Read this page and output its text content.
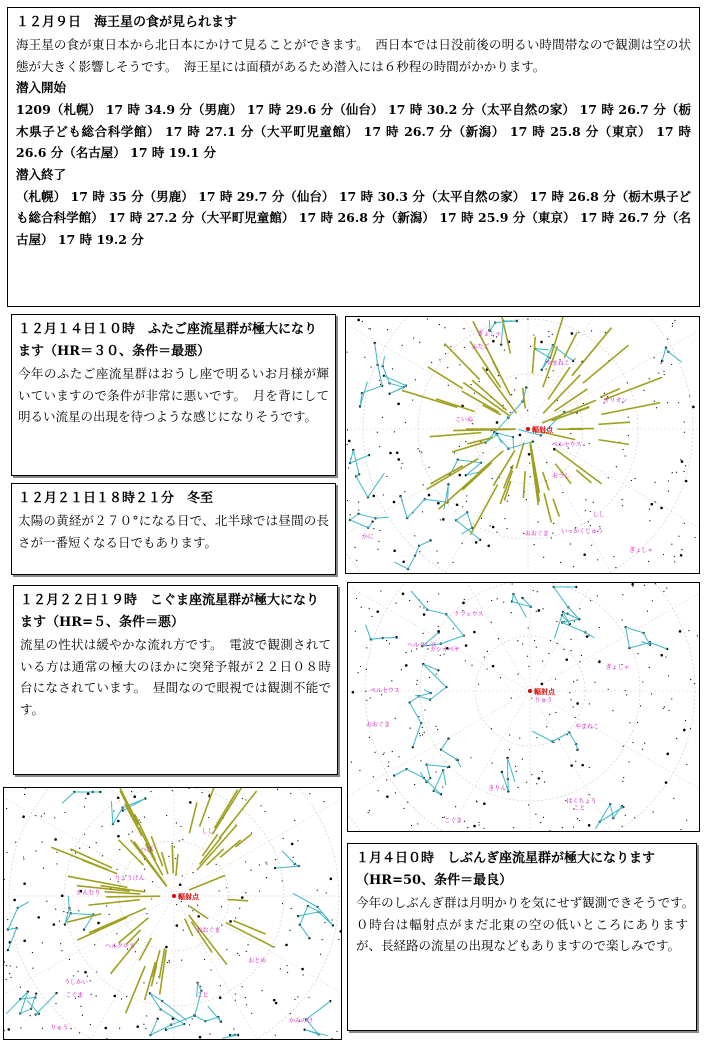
１２月９日　海王星の食が見られます
海王星の食が東日本から北日本にかけて見ることができます。　西日本では日没前後の明るい時間帯なので観測は空の状態が大きく影響しそうです。　海王星には面積があるため潜入には６秒程の時間がかかります。
潜入開始
1209（札幌） 17 時 34.9 分（男鹿） 17 時 29.6 分（仙台） 17 時 30.2 分（太平自然の家） 17 時 26.7 分（栃木県子ども総合科学館） 17 時 27.1 分（大平町児童館） 17 時 26.7 分（新潟） 17 時 25.8 分（東京） 17 時 26.6 分（名古屋） 17 時 19.1 分
潜入終了
（札幌） 17 時 35 分（男鹿） 17 時 29.7 分（仙台） 17 時 30.3 分（太平自然の家） 17 時 26.8 分（栃木県子ども総合科学館） 17 時 27.2 分（大平町児童館） 17 時 26.8 分（新潟） 17 時 25.9 分（東京） 17 時 26.7 分（名古屋） 17 時 19.2 分
１２月１４日１０時　ふたご座流星群が極大になります（HR＝３０、条件＝最悪）
今年のふたご座流星群はおうし座で明るいお月様が輝いていますので条件が非常に悪いです。　月を背にして明るい流星の出現を待つような感じになりそうです。
１２月２１日１８時２１分　冬至
太陽の黄経が２７０°になる日で、北半球では昼間の長さが一番短くなる日でもあります。
１２月２２日１９時　こぐま座流星群が極大になります（HR=５、条件＝悪）
流星の性状は緩やかな流れ方です。　電波で観測されている方は通常の極大のほかに突発予報が２２日０８時台になされています。　昼間なので眼視では観測不能です。
１月４日０時　しぶんぎ座流星群が極大になります（HR=50、条件＝最良）
今年のしぶんぎ群は月明かりを気にせず観測できそうです。　０時台は輻射点がまだ北東の空の低いところにありますが、長経路の流星の出現などもありますので楽しみです。
ぎょしゃ
ふたご
おうし
オリオン
いっかくじゅう
こいぬ
かに
しし
おおぐま
やまねこ
ペルセウス
ぎょしゃ
輻射点
カシオペヤ
ケフェウス
りゅう
こぐま
きりん
おおぐま
ヘルクレス
こと
はくちょう
やまねこ
ぎょしゃ
ペルセウス	輻射点
りゅう
こぐま
おおぐま
うしかい
かんむり
ヘルクレス
こと
りょうけん
しし
かみのけ
おとめ
へび
輻射点
